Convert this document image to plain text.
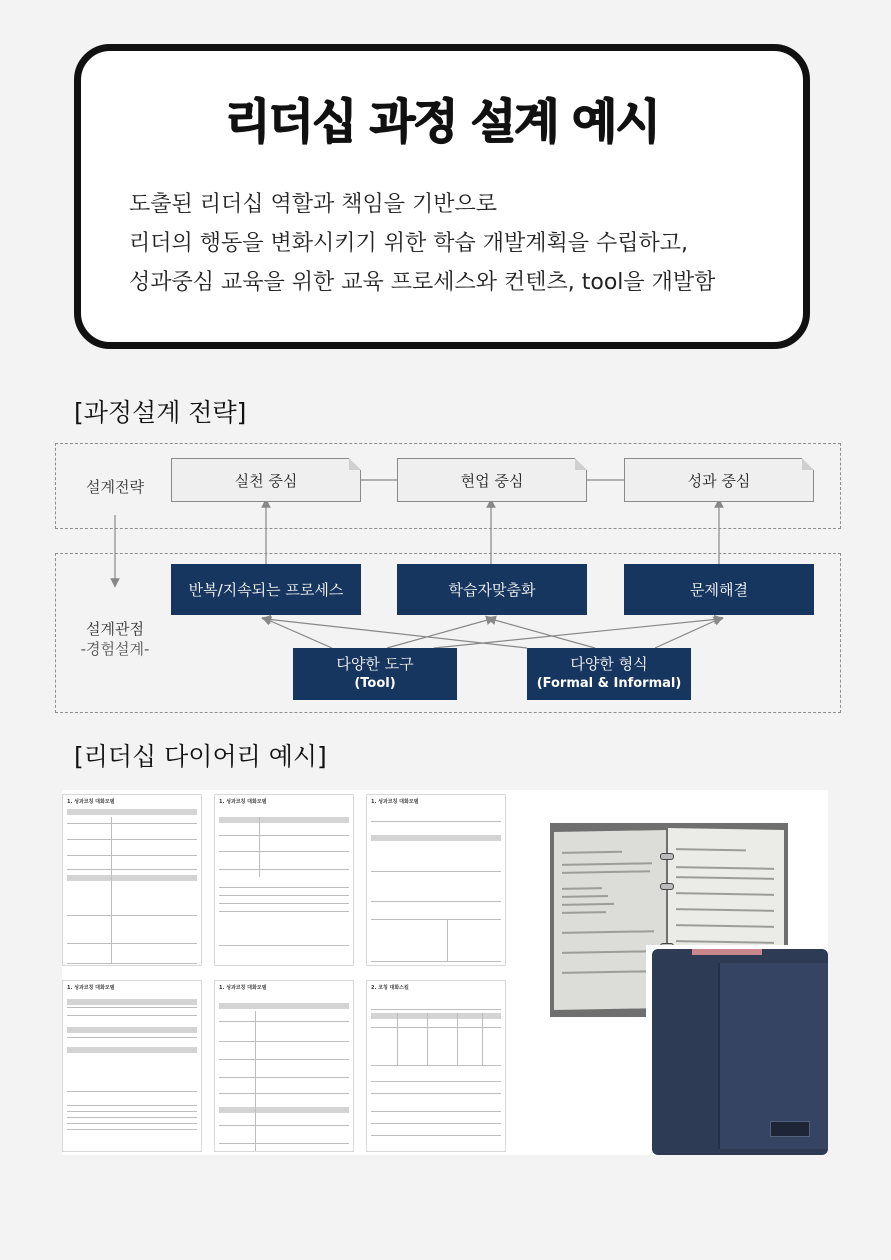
리더십 과정 설계 예시
도출된 리더십 역할과 책임을 기반으로
리더의 행동을 변화시키기 위한 학습 개발계획을 수립하고,
성과중심 교육을 위한 교육 프로세스와 컨텐츠, tool을 개발함
[과정설계 전략]
설계전략
설계관점
-경험설계-
실천 중심	현업 중심	성과 중심
반복/지속되는 프로세스	학습자맞춤화	문제해결
다양한 도구
(Tool)
다양한 형식
(Formal & Informal)
[리더십 다이어리 예시]
1. 성과코칭 대화모델	1. 성과코칭 대화모델	1. 성과코칭 대화모델
1. 성과코칭 대화모델	1. 성과코칭 대화모델	2. 코칭 대화스킬
